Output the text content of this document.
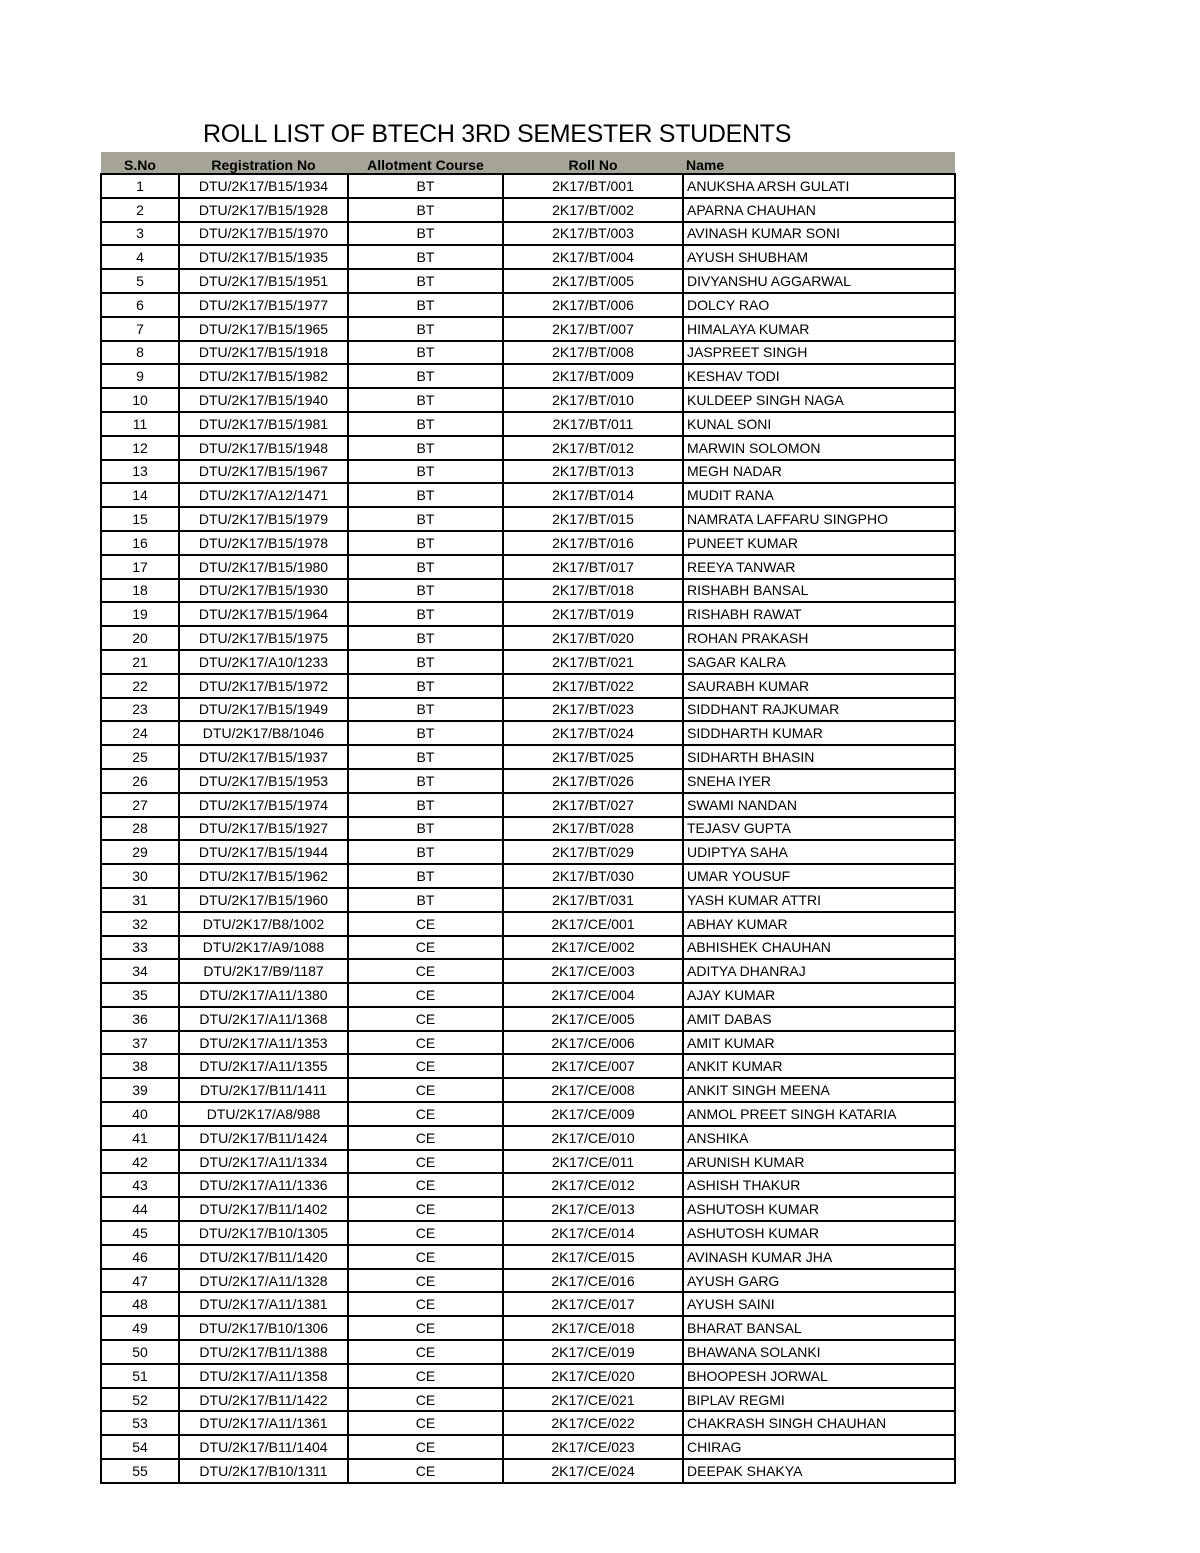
ROLL LIST OF BTECH 3RD SEMESTER STUDENTS
S.No	Registration No	Allotment Course	Roll No	Name
1	DTU/2K17/B15/1934	BT	2K17/BT/001	ANUKSHA ARSH GULATI
2	DTU/2K17/B15/1928	BT	2K17/BT/002	APARNA CHAUHAN
3	DTU/2K17/B15/1970	BT	2K17/BT/003	AVINASH KUMAR SONI
4	DTU/2K17/B15/1935	BT	2K17/BT/004	AYUSH SHUBHAM
5	DTU/2K17/B15/1951	BT	2K17/BT/005	DIVYANSHU AGGARWAL
6	DTU/2K17/B15/1977	BT	2K17/BT/006	DOLCY RAO
7	DTU/2K17/B15/1965	BT	2K17/BT/007	HIMALAYA KUMAR
8	DTU/2K17/B15/1918	BT	2K17/BT/008	JASPREET SINGH
9	DTU/2K17/B15/1982	BT	2K17/BT/009	KESHAV TODI
10	DTU/2K17/B15/1940	BT	2K17/BT/010	KULDEEP SINGH NAGA
11	DTU/2K17/B15/1981	BT	2K17/BT/011	KUNAL SONI
12	DTU/2K17/B15/1948	BT	2K17/BT/012	MARWIN SOLOMON
13	DTU/2K17/B15/1967	BT	2K17/BT/013	MEGH NADAR
14	DTU/2K17/A12/1471	BT	2K17/BT/014	MUDIT RANA
15	DTU/2K17/B15/1979	BT	2K17/BT/015	NAMRATA LAFFARU SINGPHO
16	DTU/2K17/B15/1978	BT	2K17/BT/016	PUNEET KUMAR
17	DTU/2K17/B15/1980	BT	2K17/BT/017	REEYA TANWAR
18	DTU/2K17/B15/1930	BT	2K17/BT/018	RISHABH BANSAL
19	DTU/2K17/B15/1964	BT	2K17/BT/019	RISHABH RAWAT
20	DTU/2K17/B15/1975	BT	2K17/BT/020	ROHAN PRAKASH
21	DTU/2K17/A10/1233	BT	2K17/BT/021	SAGAR KALRA
22	DTU/2K17/B15/1972	BT	2K17/BT/022	SAURABH KUMAR
23	DTU/2K17/B15/1949	BT	2K17/BT/023	SIDDHANT RAJKUMAR
24	DTU/2K17/B8/1046	BT	2K17/BT/024	SIDDHARTH KUMAR
25	DTU/2K17/B15/1937	BT	2K17/BT/025	SIDHARTH BHASIN
26	DTU/2K17/B15/1953	BT	2K17/BT/026	SNEHA IYER
27	DTU/2K17/B15/1974	BT	2K17/BT/027	SWAMI NANDAN
28	DTU/2K17/B15/1927	BT	2K17/BT/028	TEJASV GUPTA
29	DTU/2K17/B15/1944	BT	2K17/BT/029	UDIPTYA SAHA
30	DTU/2K17/B15/1962	BT	2K17/BT/030	UMAR YOUSUF
31	DTU/2K17/B15/1960	BT	2K17/BT/031	YASH KUMAR ATTRI
32	DTU/2K17/B8/1002	CE	2K17/CE/001	ABHAY KUMAR
33	DTU/2K17/A9/1088	CE	2K17/CE/002	ABHISHEK CHAUHAN
34	DTU/2K17/B9/1187	CE	2K17/CE/003	ADITYA DHANRAJ
35	DTU/2K17/A11/1380	CE	2K17/CE/004	AJAY KUMAR
36	DTU/2K17/A11/1368	CE	2K17/CE/005	AMIT DABAS
37	DTU/2K17/A11/1353	CE	2K17/CE/006	AMIT KUMAR
38	DTU/2K17/A11/1355	CE	2K17/CE/007	ANKIT KUMAR
39	DTU/2K17/B11/1411	CE	2K17/CE/008	ANKIT SINGH MEENA
40	DTU/2K17/A8/988	CE	2K17/CE/009	ANMOL PREET SINGH KATARIA
41	DTU/2K17/B11/1424	CE	2K17/CE/010	ANSHIKA
42	DTU/2K17/A11/1334	CE	2K17/CE/011	ARUNISH KUMAR
43	DTU/2K17/A11/1336	CE	2K17/CE/012	ASHISH THAKUR
44	DTU/2K17/B11/1402	CE	2K17/CE/013	ASHUTOSH KUMAR
45	DTU/2K17/B10/1305	CE	2K17/CE/014	ASHUTOSH KUMAR
46	DTU/2K17/B11/1420	CE	2K17/CE/015	AVINASH KUMAR JHA
47	DTU/2K17/A11/1328	CE	2K17/CE/016	AYUSH GARG
48	DTU/2K17/A11/1381	CE	2K17/CE/017	AYUSH SAINI
49	DTU/2K17/B10/1306	CE	2K17/CE/018	BHARAT BANSAL
50	DTU/2K17/B11/1388	CE	2K17/CE/019	BHAWANA SOLANKI
51	DTU/2K17/A11/1358	CE	2K17/CE/020	BHOOPESH JORWAL
52	DTU/2K17/B11/1422	CE	2K17/CE/021	BIPLAV REGMI
53	DTU/2K17/A11/1361	CE	2K17/CE/022	CHAKRASH SINGH CHAUHAN
54	DTU/2K17/B11/1404	CE	2K17/CE/023	CHIRAG
55	DTU/2K17/B10/1311	CE	2K17/CE/024	DEEPAK SHAKYA
